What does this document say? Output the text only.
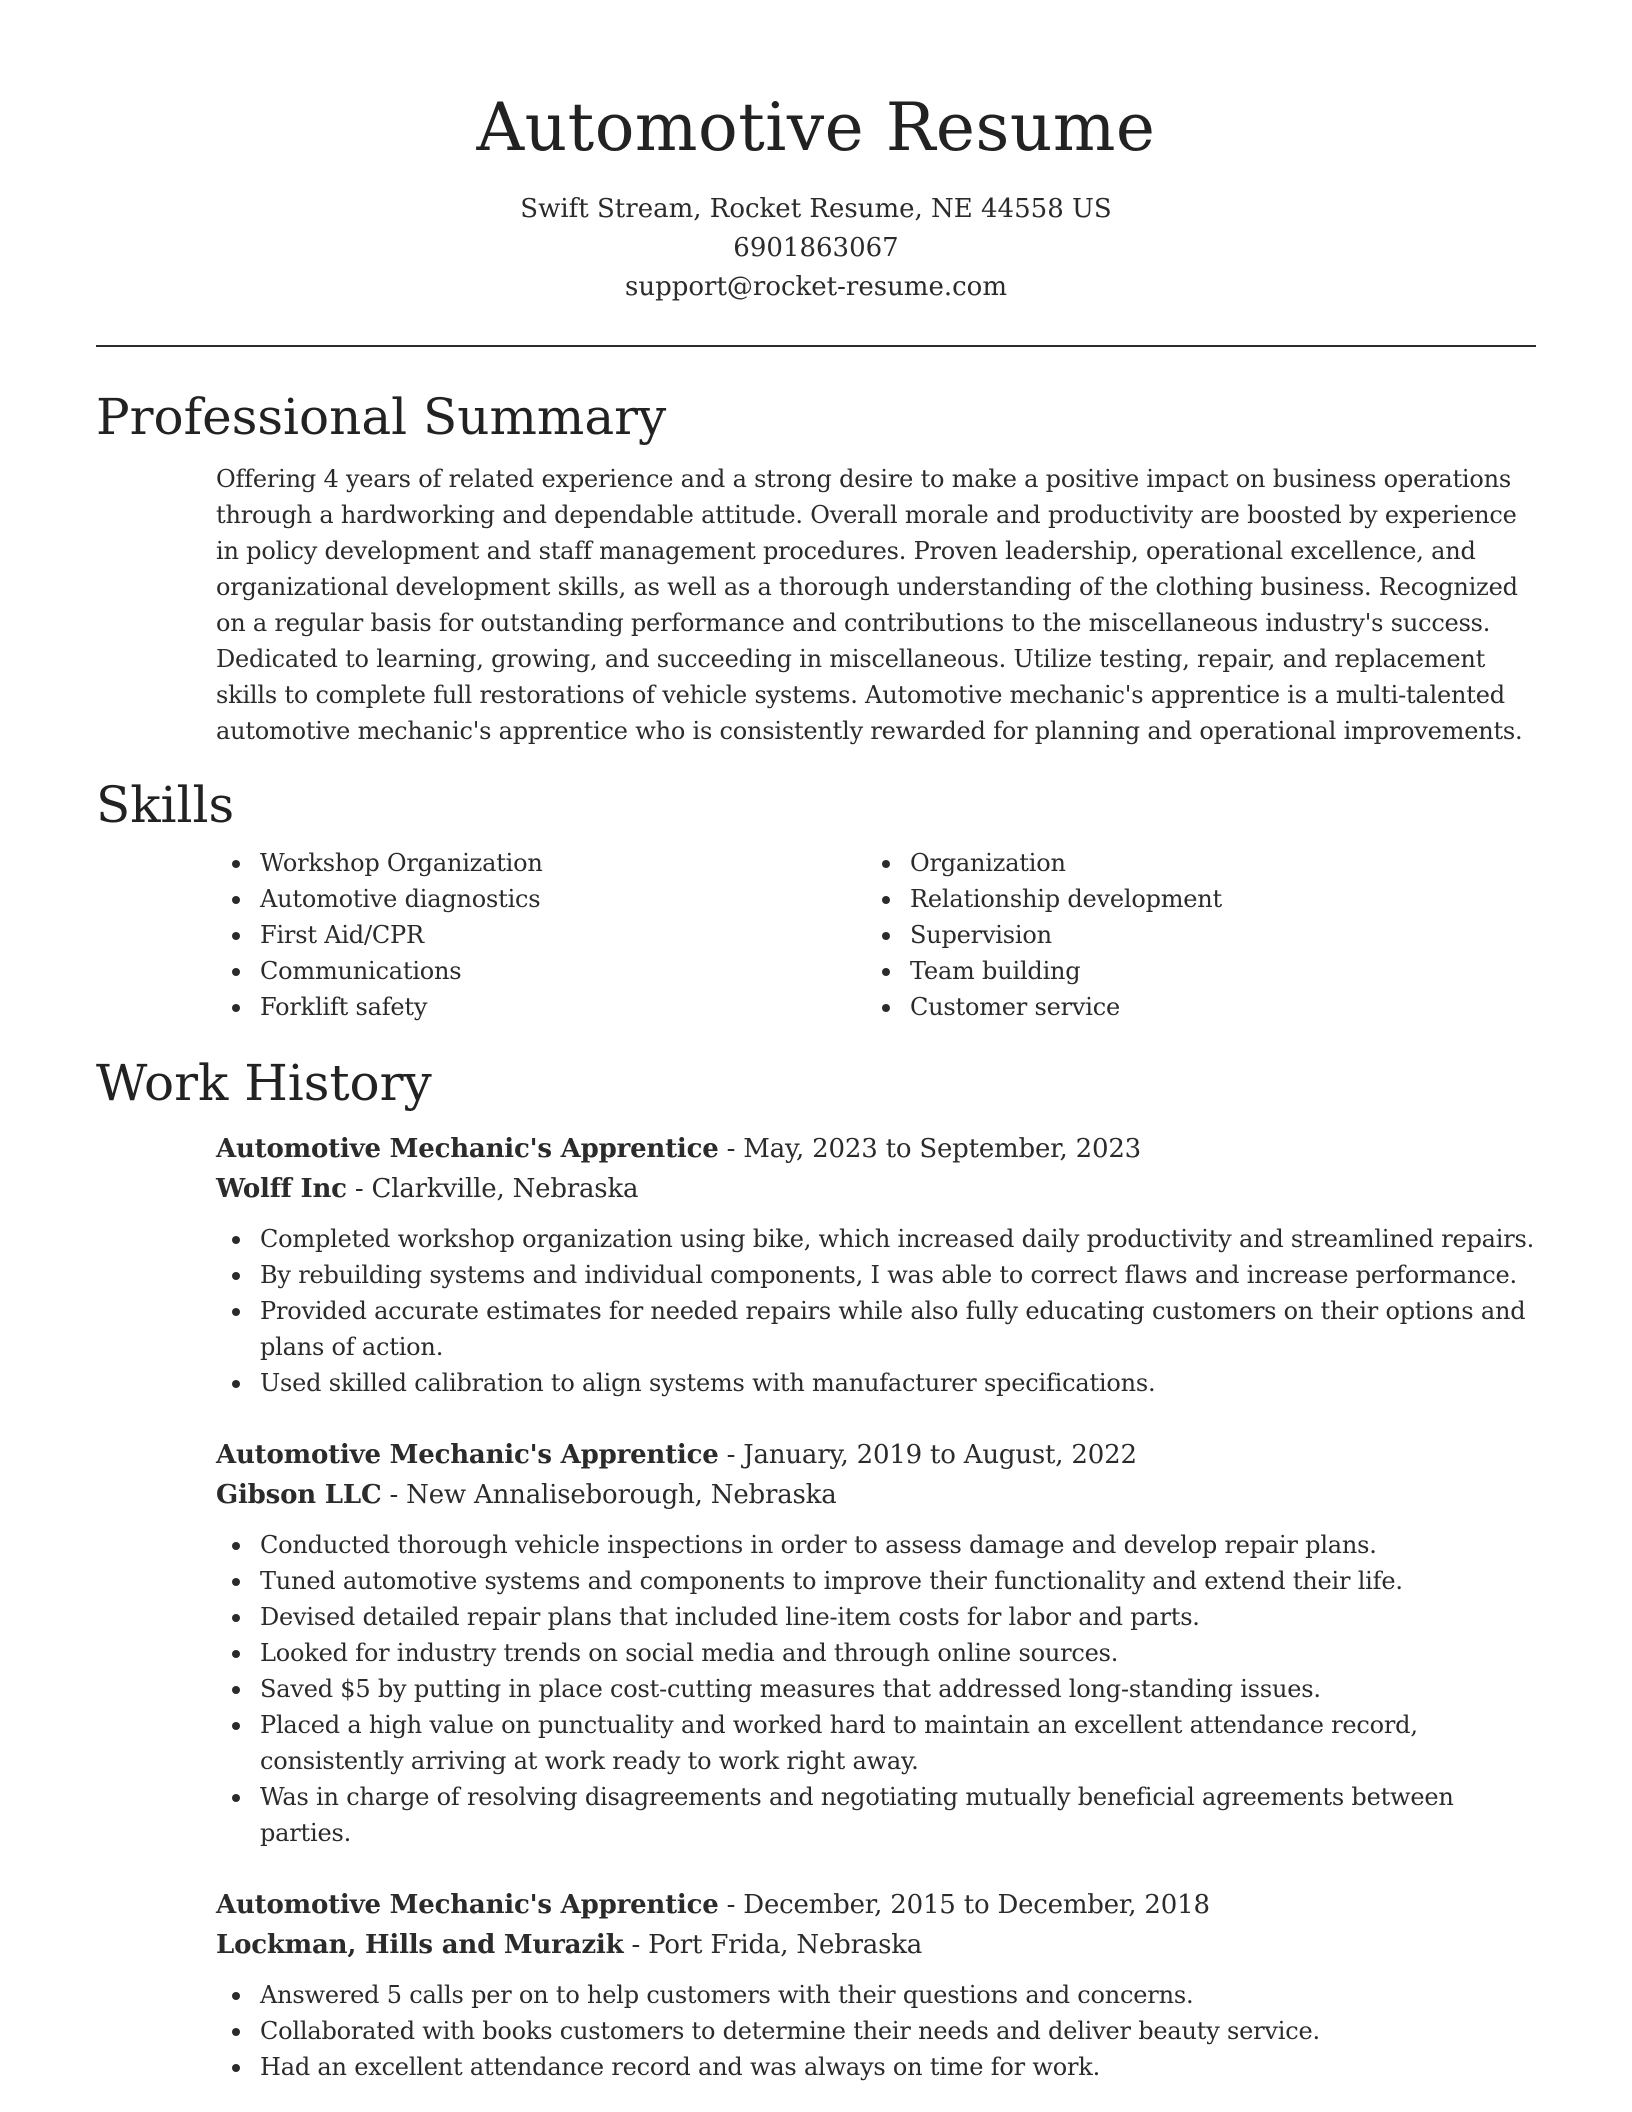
Automotive Resume
Swift Stream, Rocket Resume, NE 44558 US
6901863067
support@rocket-resume.com
Professional Summary

Offering 4 years of related experience and a strong desire to make a positive impact on business operations through a hardworking and dependable attitude. Overall morale and productivity are boosted by experience in policy development and staff management procedures. Proven leadership, operational excellence, and organizational development skills, as well as a thorough understanding of the clothing business. Recognized on a regular basis for outstanding performance and contributions to the miscellaneous industry's success. Dedicated to learning, growing, and succeeding in miscellaneous. Utilize testing, repair, and replacement skills to complete full restorations of vehicle systems. Automotive mechanic's apprentice is a multi-talented automotive mechanic's apprentice who is consistently rewarded for planning and operational improvements.

Skills
Workshop Organization
Automotive diagnostics
First Aid/CPR
Communications
Forklift safety
Organization
Relationship development
Supervision
Team building
Customer service
Work History
Automotive Mechanic's Apprentice - May, 2023 to September, 2023
Wolff Inc - Clarkville, Nebraska
Completed workshop organization using bike, which increased daily productivity and streamlined repairs.
By rebuilding systems and individual components, I was able to correct flaws and increase performance.
Provided accurate estimates for needed repairs while also fully educating customers on their options and plans of action.
Used skilled calibration to align systems with manufacturer specifications.
Automotive Mechanic's Apprentice - January, 2019 to August, 2022
Gibson LLC - New Annaliseborough, Nebraska
Conducted thorough vehicle inspections in order to assess damage and develop repair plans.
Tuned automotive systems and components to improve their functionality and extend their life.
Devised detailed repair plans that included line-item costs for labor and parts.
Looked for industry trends on social media and through online sources.
Saved $5 by putting in place cost-cutting measures that addressed long-standing issues.
Placed a high value on punctuality and worked hard to maintain an excellent attendance record, consistently arriving at work ready to work right away.
Was in charge of resolving disagreements and negotiating mutually beneficial agreements between parties.
Automotive Mechanic's Apprentice - December, 2015 to December, 2018
Lockman, Hills and Murazik - Port Frida, Nebraska
Answered 5 calls per on to help customers with their questions and concerns.
Collaborated with books customers to determine their needs and deliver beauty service.
Had an excellent attendance record and was always on time for work.
